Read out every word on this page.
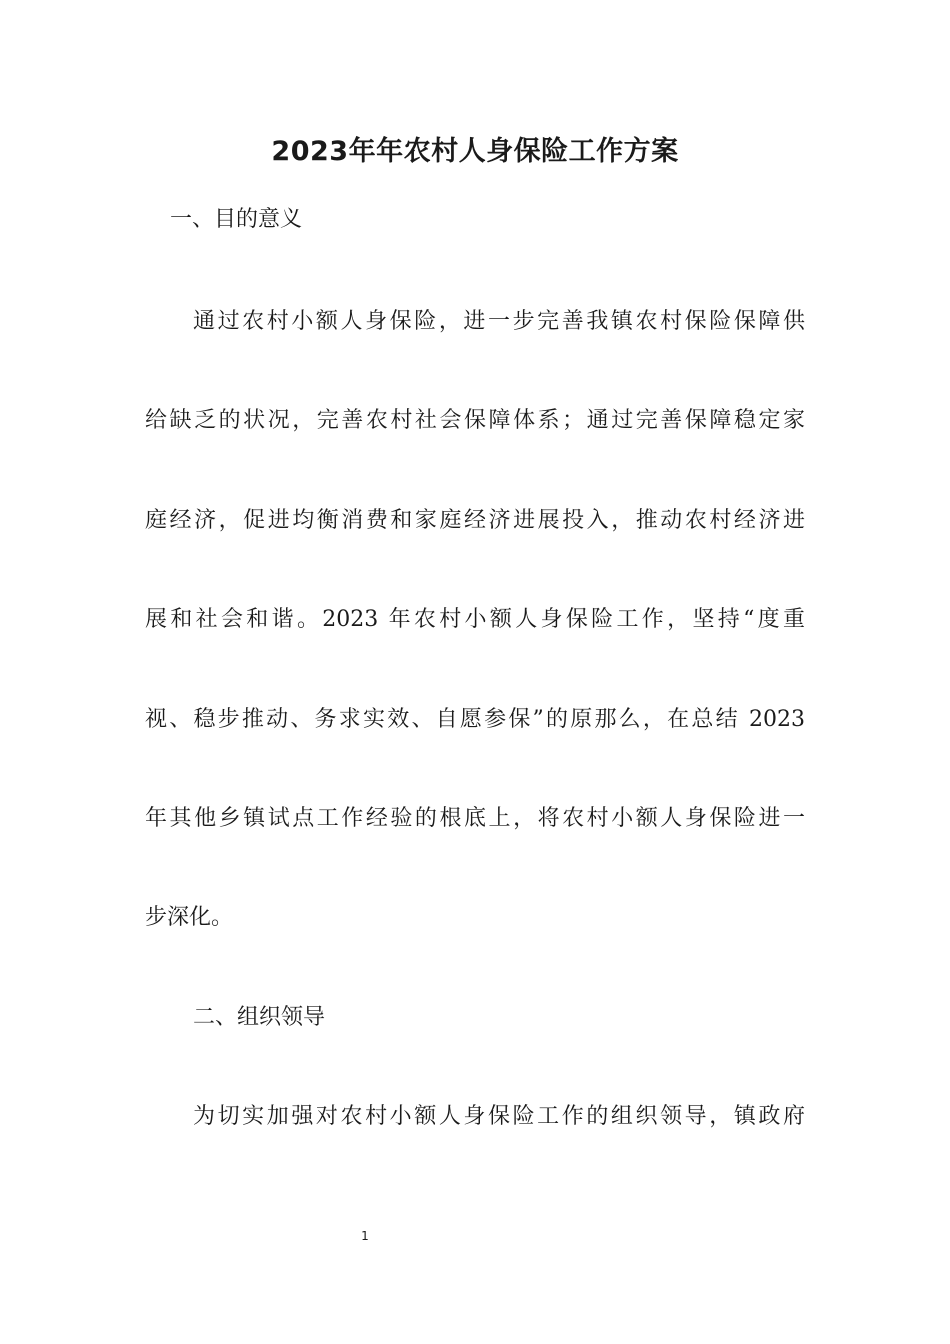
2023年年农村人身保险工作方案
一、目的意义
通过农村小额人身保险，进一步完善我镇农村保险保障供
给缺乏的状况，完善农村社会保障体系；通过完善保障稳定家
庭经济，促进均衡消费和家庭经济进展投入，推动农村经济进
展和社会和谐。2023 年农村小额人身保险工作，坚持“度重
视、稳步推动、务求实效、自愿参保”的原那么，在总结 2023
年其他乡镇试点工作经验的根底上，将农村小额人身保险进一
步深化。
二、组织领导
为切实加强对农村小额人身保险工作的组织领导，镇政府
1
